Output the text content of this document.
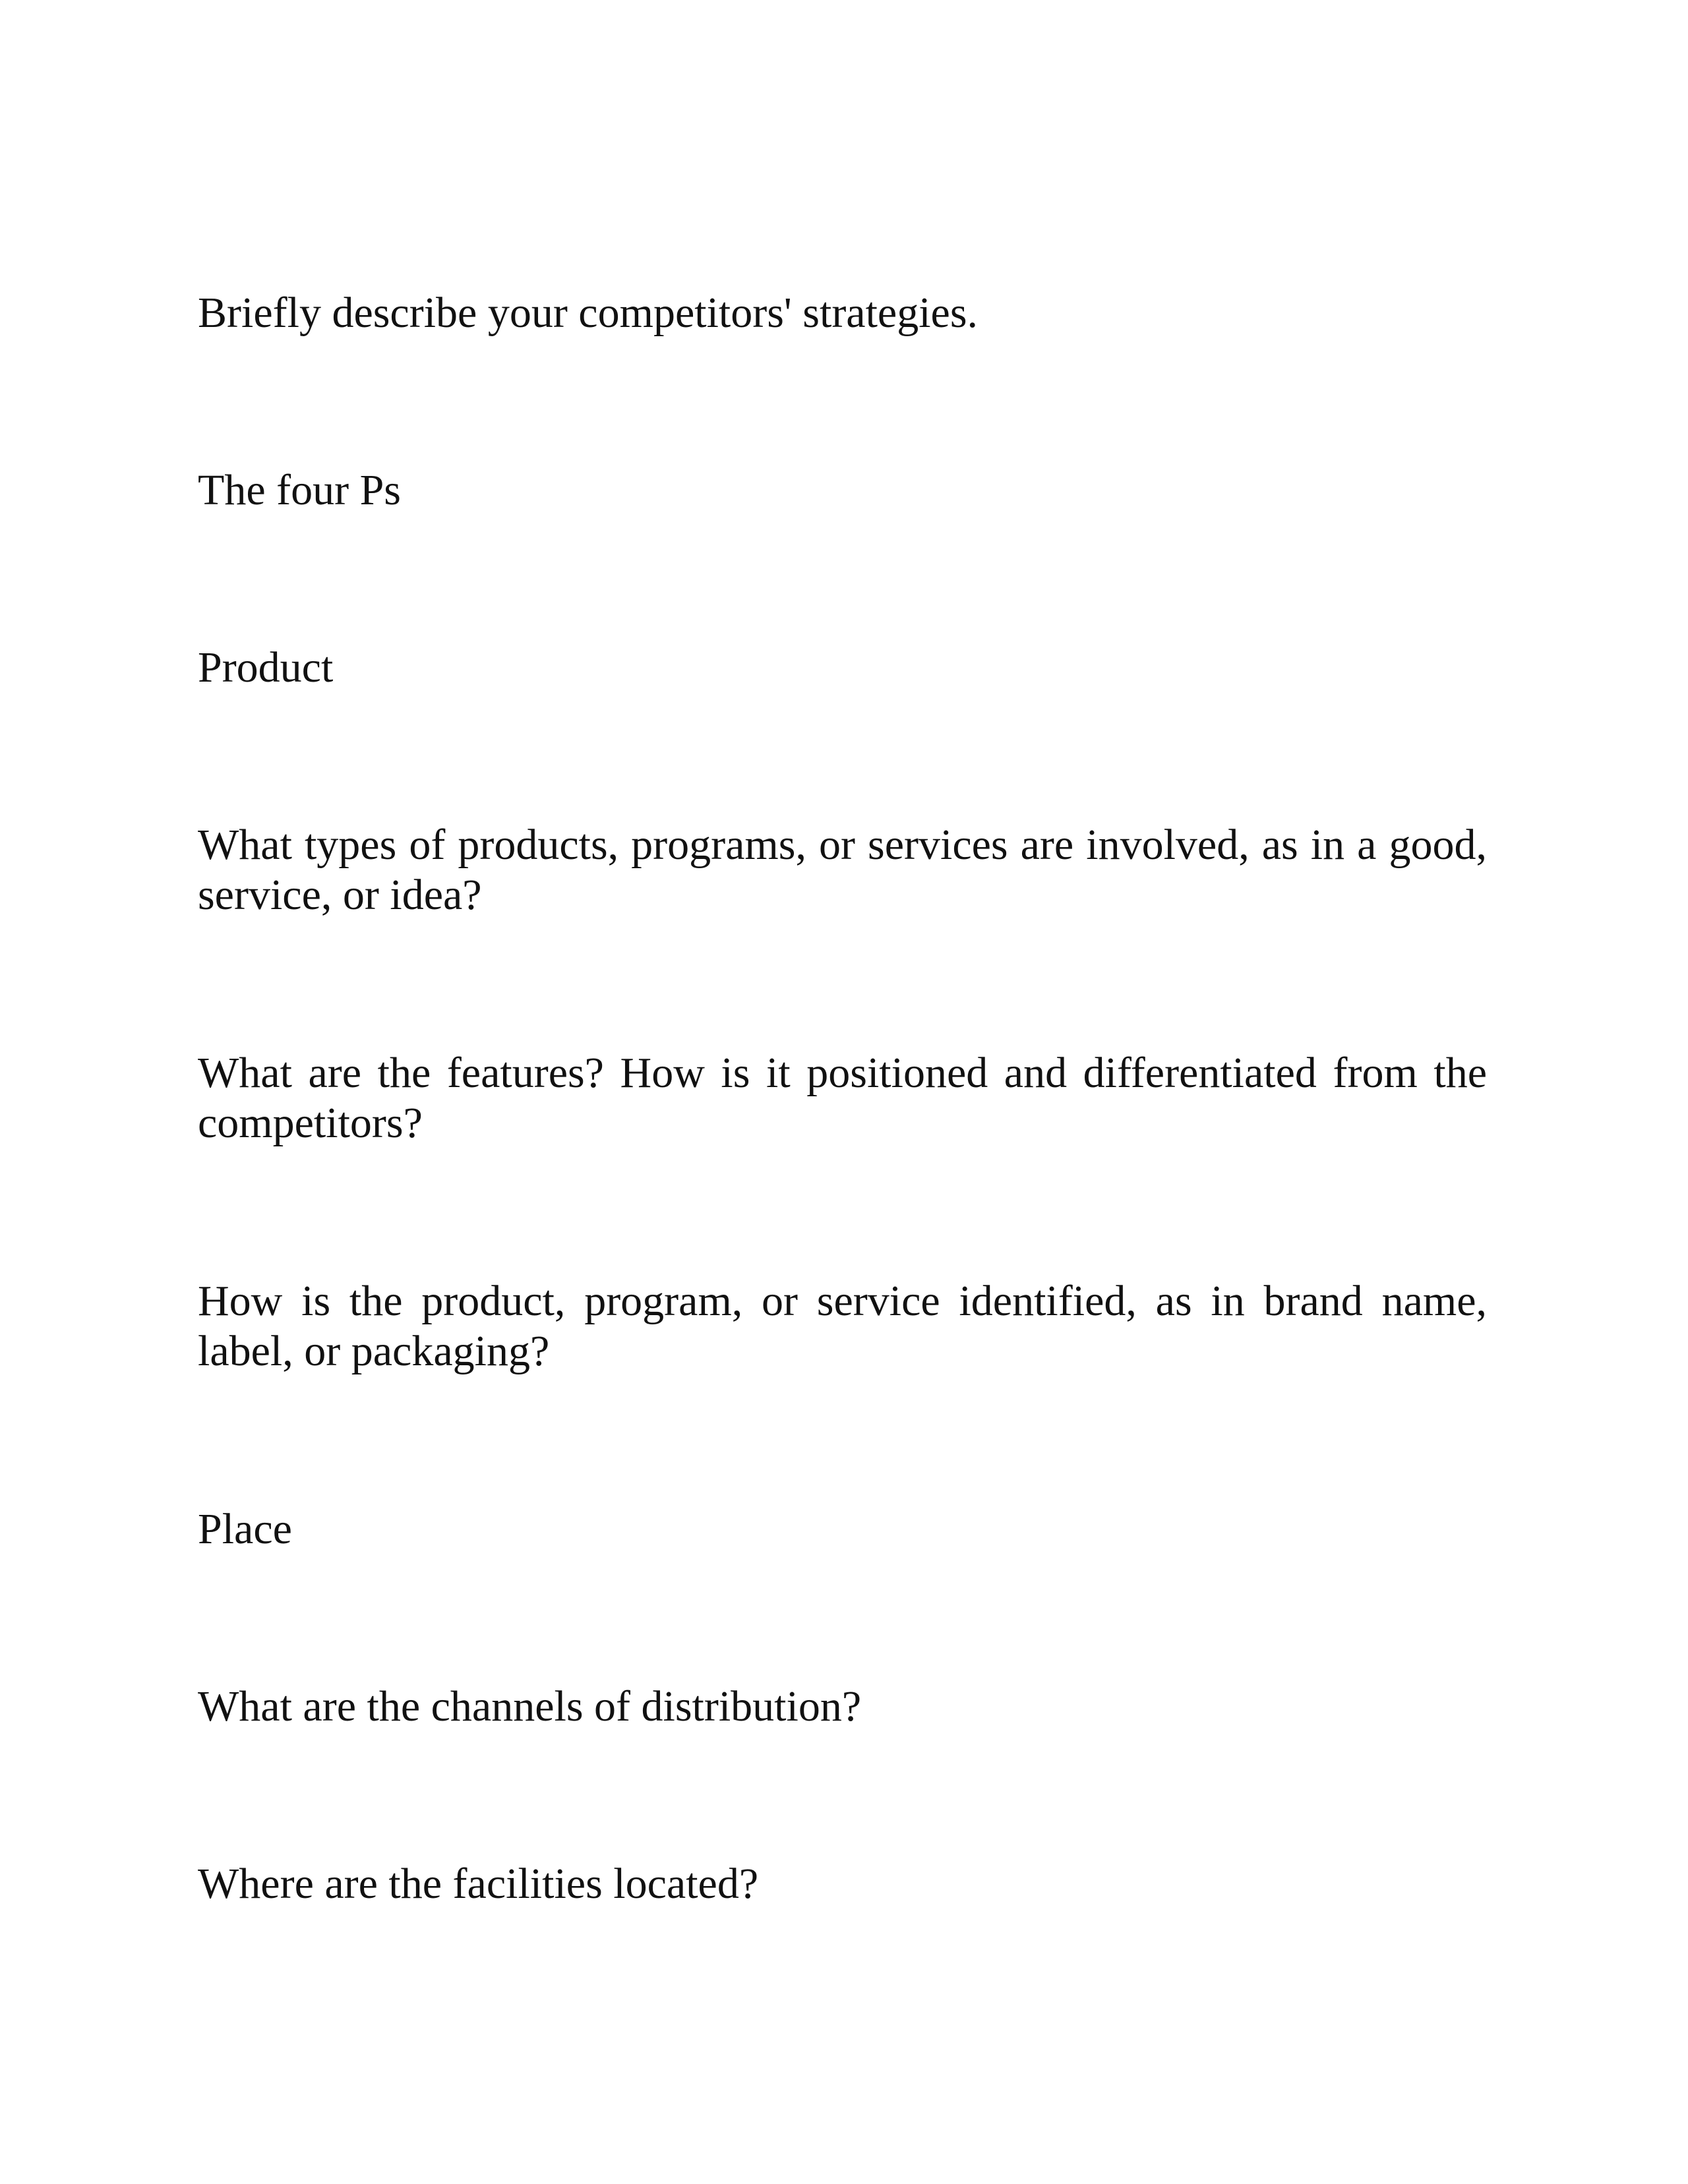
Briefly describe your competitors' strategies.

The four Ps

Product

What types of products, programs, or services are involved, as in a good, service, or idea?

What are the features? How is it positioned and differentiated from the competitors?

How is the product, program, or service identified, as in brand name, label, or packaging?

Place

What are the channels of distribution?

Where are the facilities located?
